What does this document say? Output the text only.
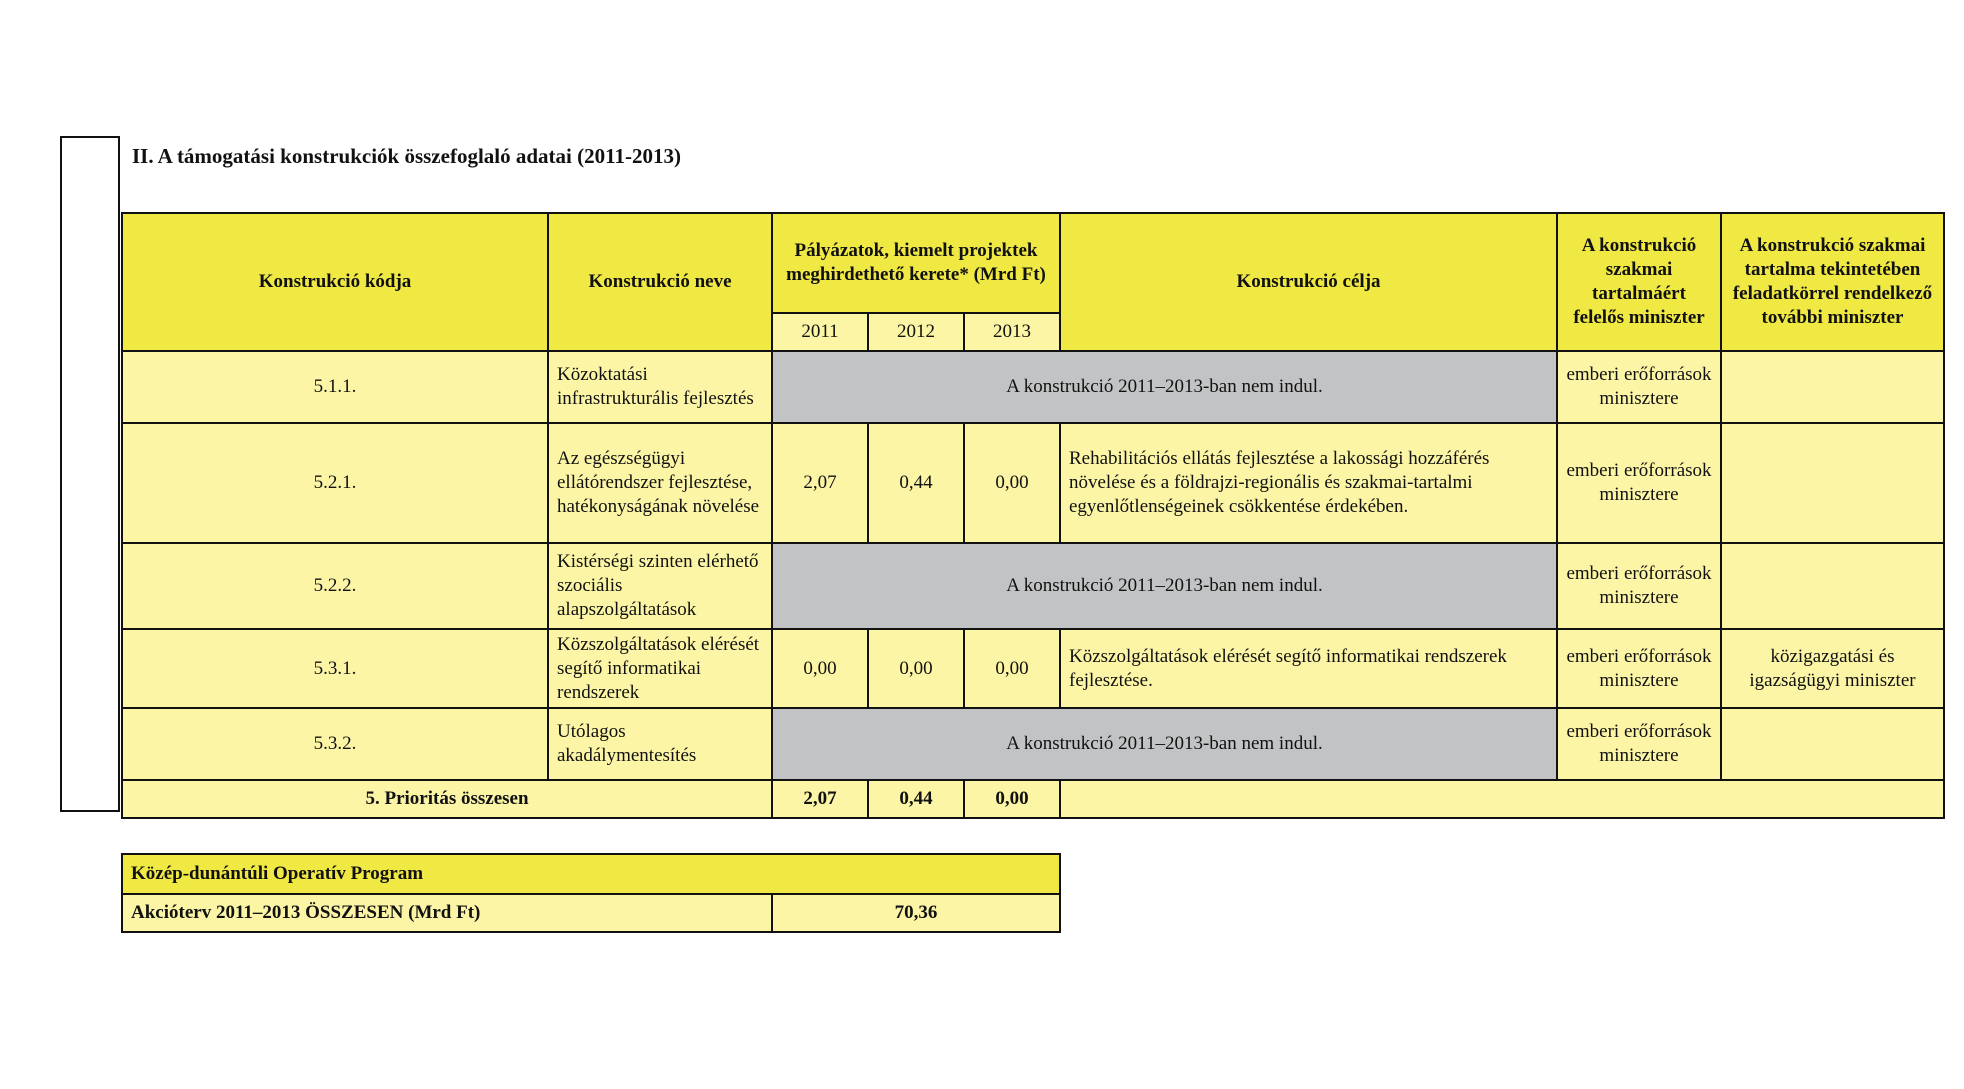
II. A támogatási konstrukciók összefoglaló adatai (2011-2013)
Konstrukció kódja	Konstrukció neve	Pályázatok, kiemelt projektek meghirdethető kerete* (Mrd Ft)			Konstrukció célja	A konstrukció szakmai tartalmáért felelős miniszter	A konstrukció szakmai tartalma tekintetében feladatkörrel rendelkező további miniszter
		2011	2012	2013			
5.1.1.	Közoktatási infrastrukturális fejlesztés	A konstrukció 2011–2013-ban nem indul.				emberi erőforrások minisztere	
5.2.1.	Az egészségügyi ellátórendszer fejlesztése, hatékonyságának növelése	2,07	0,44	0,00	Rehabilitációs ellátás fejlesztése a lakossági hozzáférés növelése és a földrajzi-regionális és szakmai-tartalmi egyenlőtlenségeinek csökkentése érdekében.	emberi erőforrások minisztere	
5.2.2.	Kistérségi szinten elérhető szociális alapszolgáltatások	A konstrukció 2011–2013-ban nem indul.				emberi erőforrások minisztere	
5.3.1.	Közszolgáltatások elérését segítő informatikai rendszerek	0,00	0,00	0,00	Közszolgáltatások elérését segítő informatikai rendszerek fejlesztése.	emberi erőforrások minisztere	közigazgatási és igazságügyi miniszter
5.3.2.	Utólagos akadálymentesítés	A konstrukció 2011–2013-ban nem indul.				emberi erőforrások minisztere	
5. Prioritás összesen		2,07	0,44	0,00			
Közép-dunántúli Operatív Program
Akcióterv 2011–2013 ÖSSZESEN (Mrd Ft)	70,36
